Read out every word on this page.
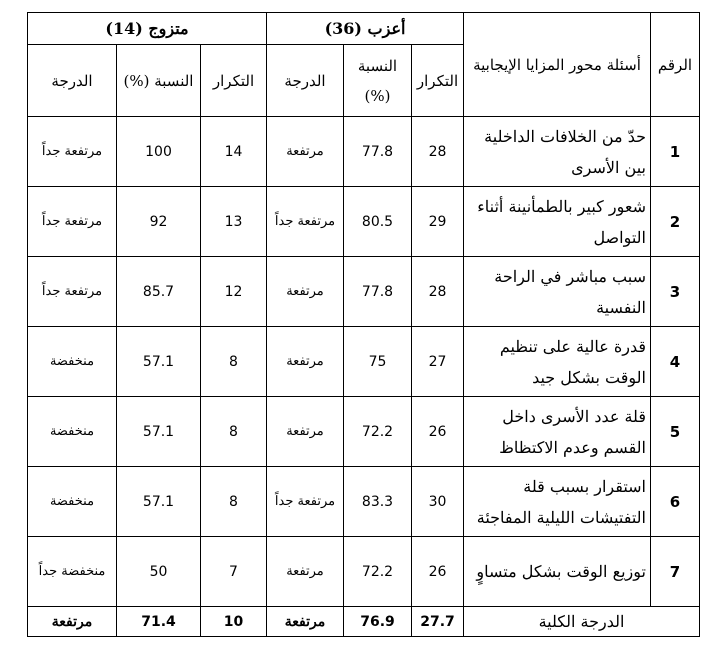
الرقم	أسئلة محور المزايا الإيجابية	أعزب (36)			متزوج (14)		
		التكرار	النسبة (%)	الدرجة	التكرار	النسبة (%)	الدرجة
1	حدّ من الخلافات الداخلية بين الأسرى	28	77.8	مرتفعة	14	100	مرتفعة جداً
2	شعور كبير بالطمأنينة أثناء التواصل	29	80.5	مرتفعة جداً	13	92	مرتفعة جداً
3	سبب مباشر في الراحة النفسية	28	77.8	مرتفعة	12	85.7	مرتفعة جداً
4	قدرة عالية على تنظيم الوقت بشكل جيد	27	75	مرتفعة	8	57.1	منخفضة
5	قلة عدد الأسرى داخل القسم وعدم الاكتظاظ	26	72.2	مرتفعة	8	57.1	منخفضة
6	استقرار بسبب قلة التفتيشات الليلية المفاجئة	30	83.3	مرتفعة جداً	8	57.1	منخفضة
7	توزيع الوقت بشكل متساوٍ	26	72.2	مرتفعة	7	50	منخفضة جداً
الدرجة الكلية		27.7	76.9	مرتفعة	10	71.4	مرتفعة
